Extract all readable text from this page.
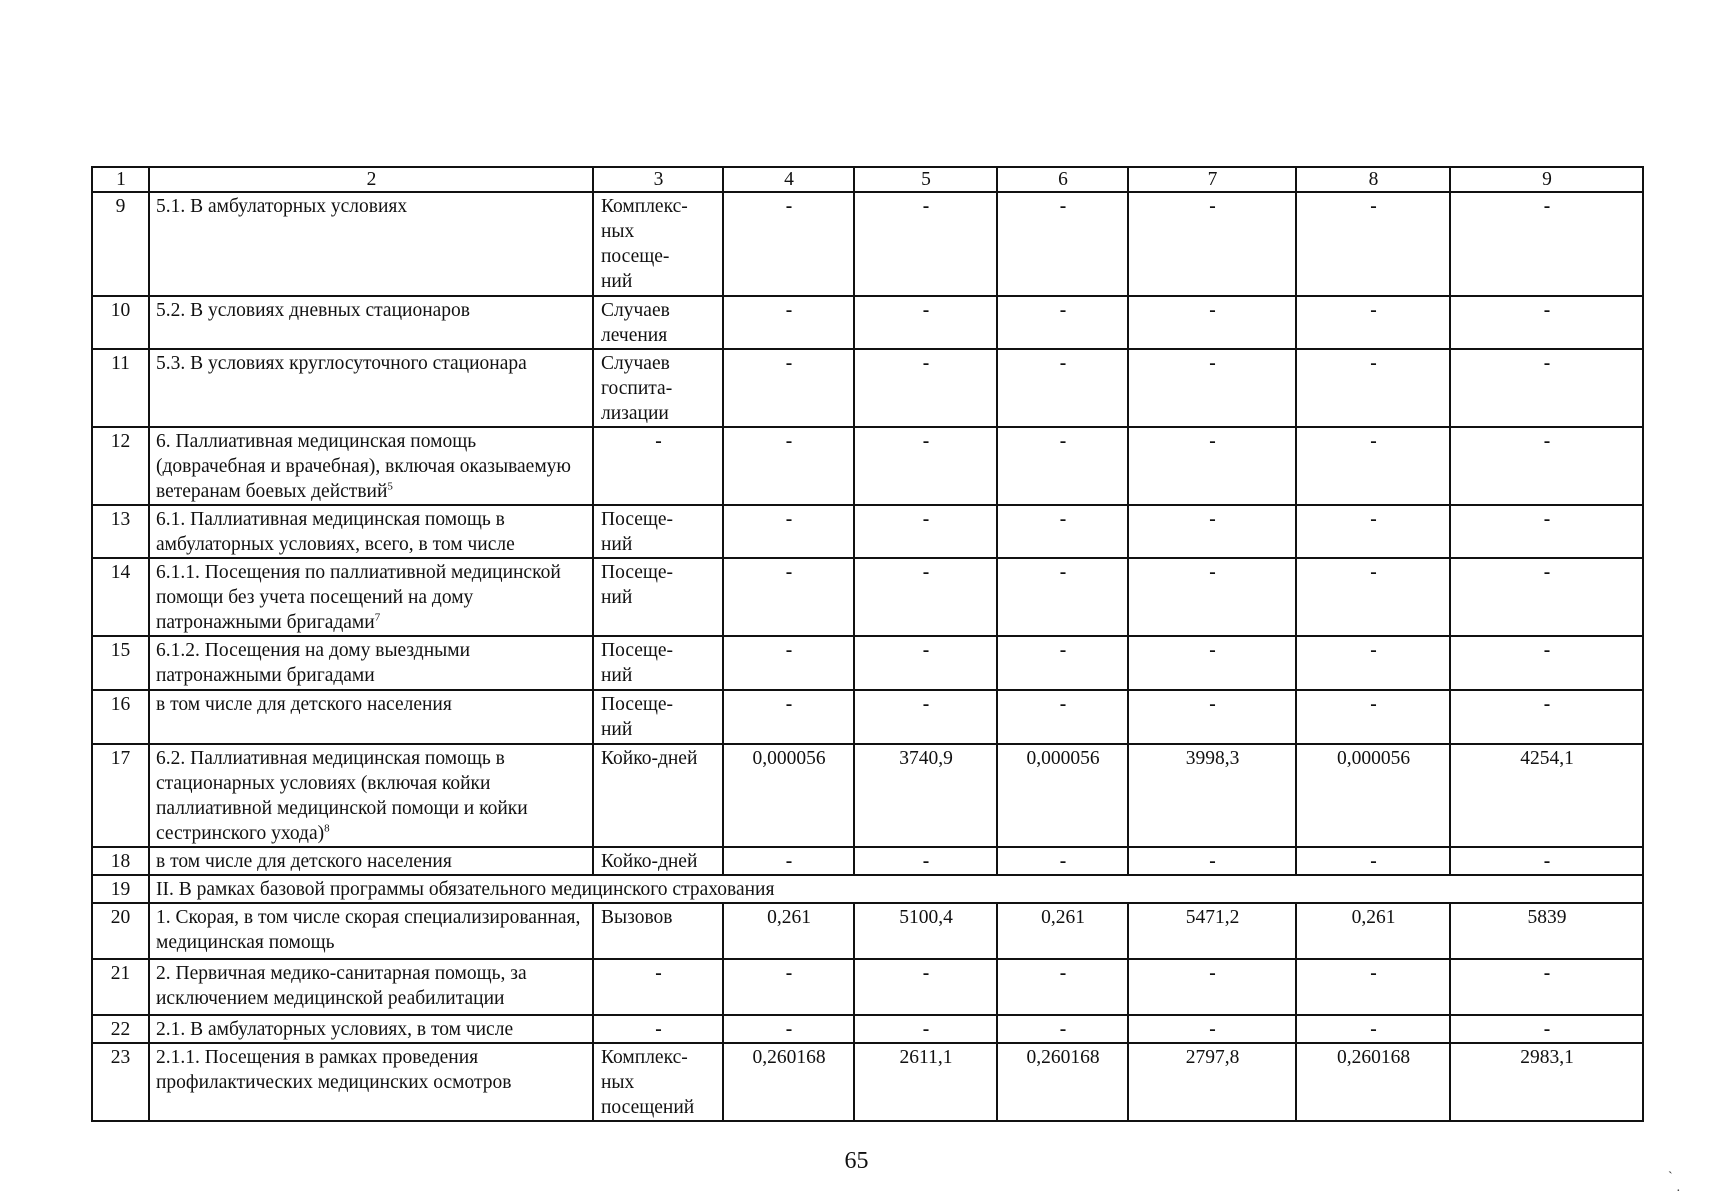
1	2	3	4	5	6	7	8	9
9	5.1. В амбулаторных условиях	Комплекс-
ных
посеще-
ний	-	-	-	-	-	-
10	5.2. В условиях дневных стационаров	Случаев
лечения	-	-	-	-	-	-
11	5.3. В условиях круглосуточного стационара	Случаев
госпита-
лизации	-	-	-	-	-	-
12	6. Паллиативная медицинская помощь (доврачебная и врачебная), включая оказываемую ветеранам боевых действий$^5$	-	-	-	-	-	-	-
13	6.1. Паллиативная медицинская помощь в амбулаторных условиях, всего, в том числе	Посеще-
ний	-	-	-	-	-	-
14	6.1.1. Посещения по паллиативной медицинской помощи без учета посещений на дому патронажными бригадами$^7$	Посеще-
ний	-	-	-	-	-	-
15	6.1.2. Посещения на дому выездными патронажными бригадами	Посеще-
ний	-	-	-	-	-	-
16	в том числе для детского населения	Посеще-
ний	-	-	-	-	-	-
17	6.2. Паллиативная медицинская помощь в стационарных условиях (включая койки паллиативной медицинской помощи и койки сестринского ухода)$^8$	Койко-дней	0,000056	3740,9	0,000056	3998,3	0,000056	4254,1
18	в том числе для детского населения	Койко-дней	-	-	-	-	-	-
19	II. В рамках базовой программы обязательного медицинского страхования							
20	1. Скорая, в том числе скорая специализированная, медицинская помощь	Вызовов	0,261	5100,4	0,261	5471,2	0,261	5839
21	2. Первичная медико-санитарная помощь, за исключением медицинской реабилитации	-	-	-	-	-	-	-
22	2.1. В амбулаторных условиях, в том числе	-	-	-	-	-	-	-
23	2.1.1. Посещения в рамках проведения профилактических медицинских осмотров	Комплекс-
ных
посещений	0,260168	2611,1	0,260168	2797,8	0,260168	2983,1
65
`
·
